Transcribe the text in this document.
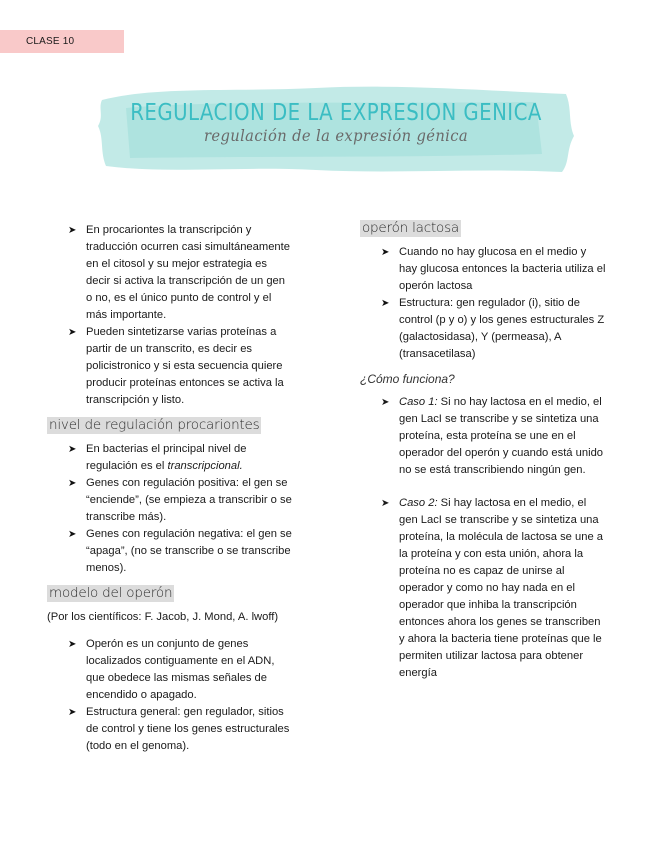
CLASE 10
REGULACION DE LA EXPRESION GENICA
regulación de la expresión génica
➤ En procariontes la transcripción y traducción ocurren casi simultáneamente en el citosol y su mejor estrategia es decir si activa la transcripción de un gen o no, es el único punto de control y el más importante.
➤ Pueden sintetizarse varias proteínas a partir de un transcrito, es decir es policistronico y si esta secuencia quiere producir proteínas entonces se activa la transcripción y listo.
nivel de regulación procariontes
➤ En bacterias el principal nivel de regulación es el transcripcional.
➤ Genes con regulación positiva: el gen se “enciende”, (se empieza a transcribir o se transcribe más).
➤ Genes con regulación negativa: el gen se “apaga”, (no se transcribe o se transcribe menos).
modelo del operón
(Por los científicos: F. Jacob, J. Mond, A. lwoff)
➤ Operón es un conjunto de genes localizados contiguamente en el ADN, que obedece las mismas señales de encendido o apagado.
➤ Estructura general: gen regulador, sitios de control y tiene los genes estructurales (todo en el genoma).
operón lactosa
➤ Cuando no hay glucosa en el medio y hay glucosa entonces la bacteria utiliza el operón lactosa
➤ Estructura: gen regulador (i), sitio de control (p y o) y los genes estructurales Z (galactosidasa), Y (permeasa), A (transacetilasa)
¿Cómo funciona?
➤ Caso 1: Si no hay lactosa en el medio, el gen LacI se transcribe y se sintetiza una proteína, esta proteína se une en el operador del operón y cuando está unido no se está transcribiendo ningún gen.
➤ Caso 2: Si hay lactosa en el medio, el gen LacI se transcribe y se sintetiza una proteína, la molécula de lactosa se une a la proteína y con esta unión, ahora la proteína no es capaz de unirse al operador y como no hay nada en el operador que inhiba la transcripción entonces ahora los genes se transcriben y ahora la bacteria tiene proteínas que le permiten utilizar lactosa para obtener energía
